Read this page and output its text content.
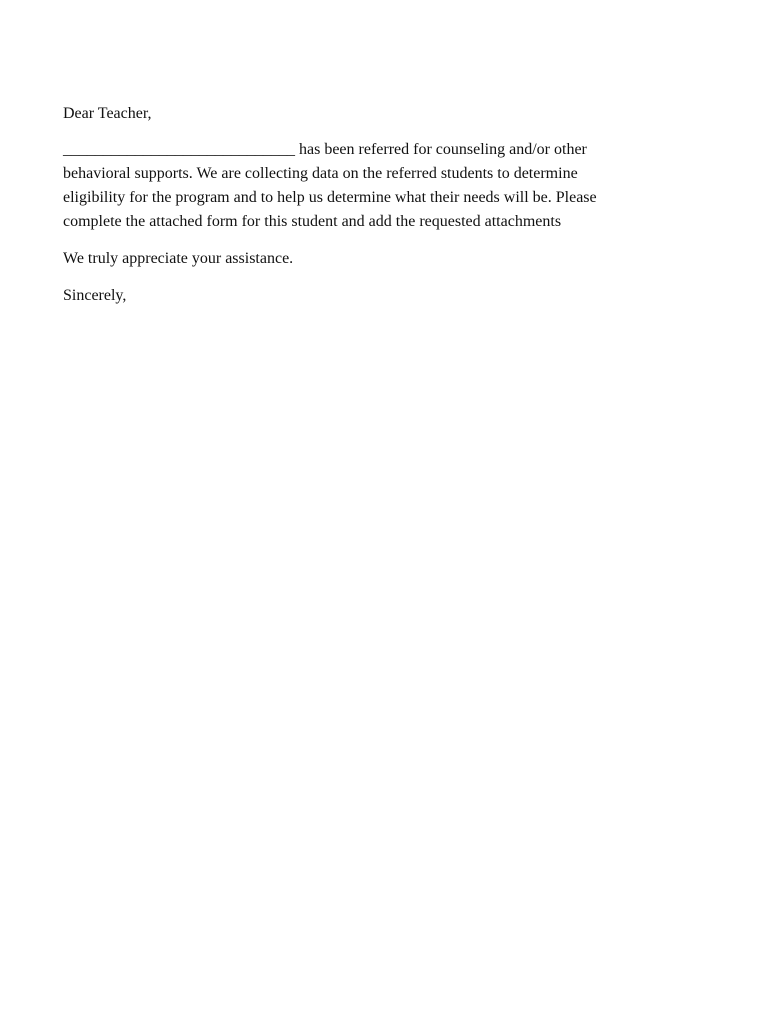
Dear Teacher,

_____________________________ has been referred for counseling and/or other
behavioral supports. We are collecting data on the referred students to determine
eligibility for the program and to help us determine what their needs will be. Please
complete the attached form for this student and add the requested attachments

We truly appreciate your assistance.

Sincerely,
